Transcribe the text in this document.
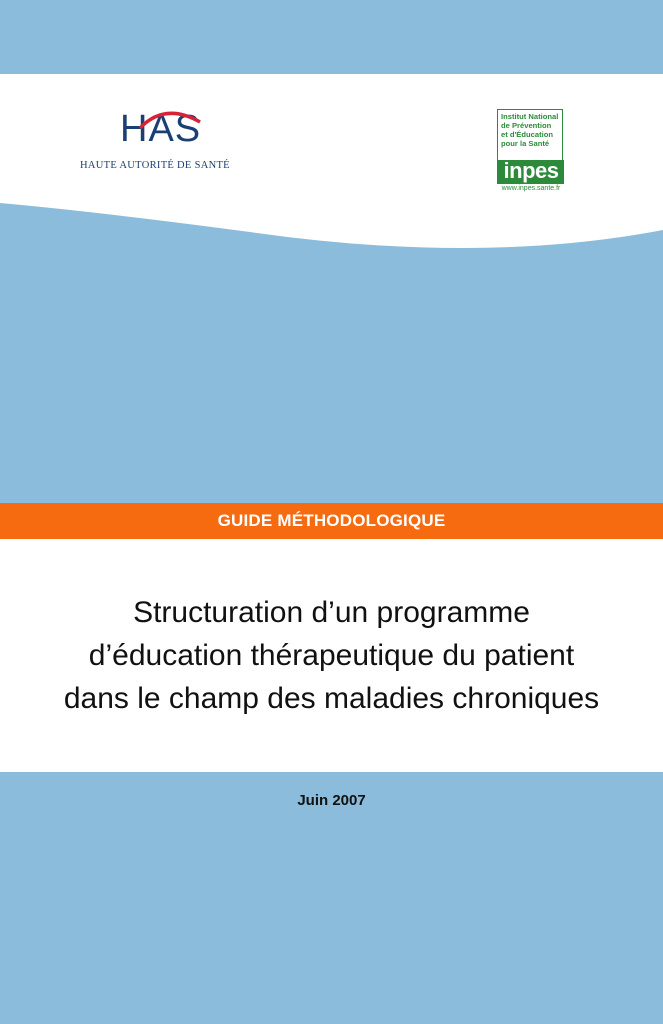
HAS
HAUTE AUTORITÉ DE SANTÉ
Institut National
de Prévention
et d'Éducation
pour la Santé
inpes
www.inpes.sante.fr
GUIDE MÉTHODOLOGIQUE
Structuration d’un programme
d’éducation thérapeutique du patient
dans le champ des maladies chroniques
Juin 2007
